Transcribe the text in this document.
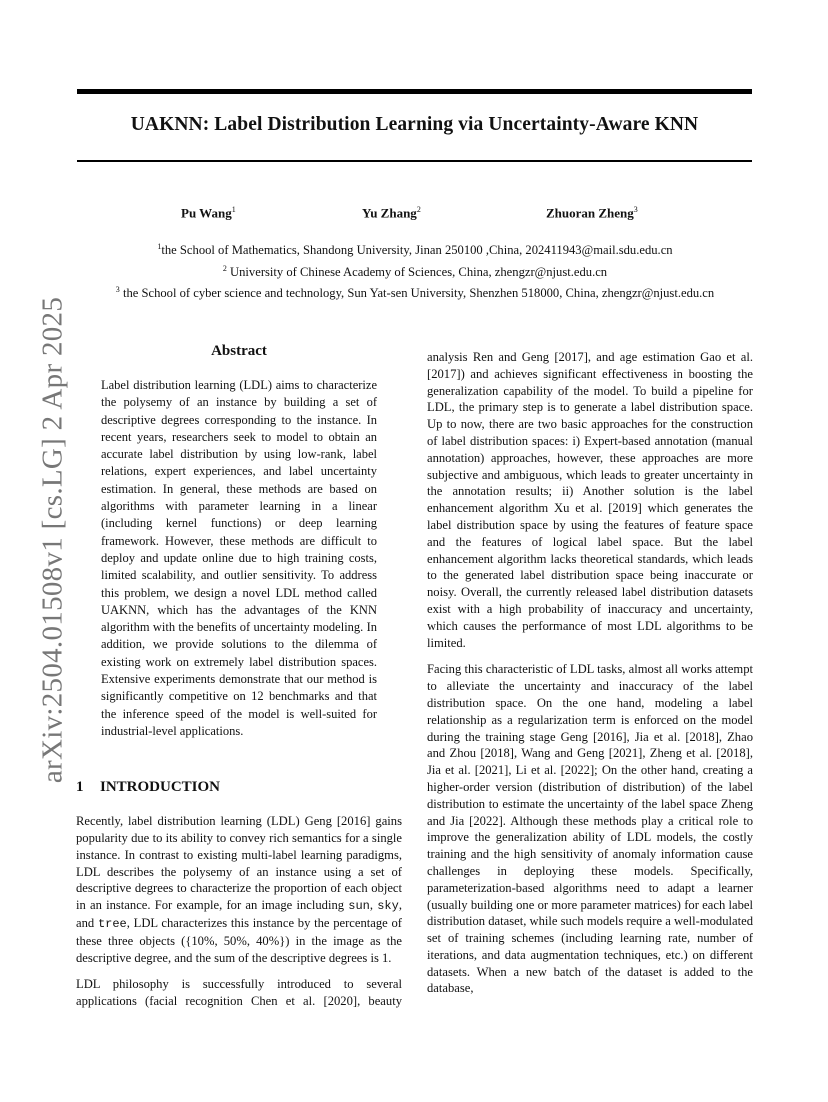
UAKNN: Label Distribution Learning via Uncertainty-Aware KNN
Pu Wang$^1$	Yu Zhang$^2$	Zhuoran Zheng$^3$
$^1$the School of Mathematics, Shandong University, Jinan 250100 ,China, 202411943@mail.sdu.edu.cn
$^2$ University of Chinese Academy of Sciences, China, zhengzr@njust.edu.cn
$^3$ the School of cyber science and technology, Sun Yat-sen University, Shenzhen 518000, China, zhengzr@njust.edu.cn
arXiv:2504.01508v1 [cs.LG] 2 Apr 2025	Abstract
Label distribution learning (LDL) aims to characterize the polysemy of an instance by building a set of descriptive degrees corresponding to the instance. In recent years, researchers seek to model to obtain an accurate label distribution by using low-rank, label relations, expert experiences, and label uncertainty estimation. In general, these methods are based on algorithms with parameter learning in a linear (including kernel functions) or deep learning framework. However, these methods are difficult to deploy and update online due to high training costs, limited scalability, and outlier sensitivity. To address this problem, we design a novel LDL method called UAKNN, which has the advantages of the KNN algorithm with the benefits of uncertainty modeling. In addition, we provide solutions to the dilemma of existing work on extremely label distribution spaces. Extensive experiments demonstrate that our method is significantly competitive on 12 benchmarks and that the inference speed of the model is well-suited for industrial-level applications.
1 INTRODUCTION

Recently, label distribution learning (LDL) Geng [2016] gains popularity due to its ability to convey rich semantics for a single instance. In contrast to existing multi-label learning paradigms, LDL describes the polysemy of an instance using a set of descriptive degrees to characterize the proportion of each object in an instance. For example, for an image including sun, sky, and tree, LDL characterizes this instance by the percentage of these three objects ({10%, 50%, 40%}) in the image as the descriptive degree, and the sum of the descriptive degrees is 1.

LDL philosophy is successfully introduced to several applications (facial recognition Chen et al. [2020], beauty

analysis Ren and Geng [2017], and age estimation Gao et al. [2017]) and achieves significant effectiveness in boosting the generalization capability of the model. To build a pipeline for LDL, the primary step is to generate a label distribution space. Up to now, there are two basic approaches for the construction of label distribution spaces: i) Expert-based annotation (manual annotation) approaches, however, these approaches are more subjective and ambiguous, which leads to greater uncertainty in the annotation results; ii) Another solution is the label enhancement algorithm Xu et al. [2019] which generates the label distribution space by using the features of feature space and the features of logical label space. But the label enhancement algorithm lacks theoretical standards, which leads to the generated label distribution space being inaccurate or noisy. Overall, the currently released label distribution datasets exist with a high probability of inaccuracy and uncertainty, which causes the performance of most LDL algorithms to be limited.

Facing this characteristic of LDL tasks, almost all works attempt to alleviate the uncertainty and inaccuracy of the label distribution space. On the one hand, modeling a label relationship as a regularization term is enforced on the model during the training stage Geng [2016], Jia et al. [2018], Zhao and Zhou [2018], Wang and Geng [2021], Zheng et al. [2018], Jia et al. [2021], Li et al. [2022]; On the other hand, creating a higher-order version (distribution of distribution) of the label distribution to estimate the uncertainty of the label space Zheng and Jia [2022]. Although these methods play a critical role to improve the generalization ability of LDL models, the costly training and the high sensitivity of anomaly information cause challenges in deploying these models. Specifically, parameterization-based algorithms need to adapt a learner (usually building one or more parameter matrices) for each label distribution dataset, while such models require a well-modulated set of training schemes (including learning rate, number of iterations, and data augmentation techniques, etc.) on different datasets. When a new batch of the dataset is added to the database,
